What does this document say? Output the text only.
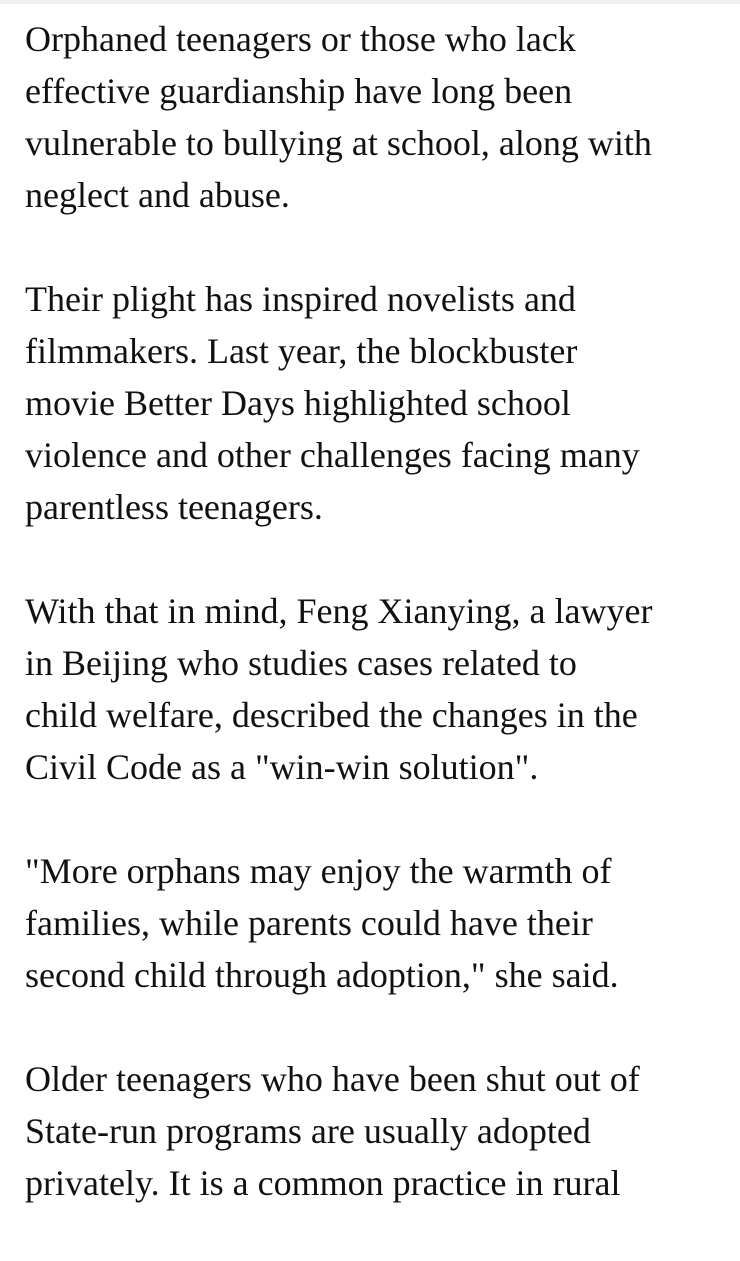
Orphaned teenagers or those who lack
effective guardianship have long been
vulnerable to bullying at school, along with
neglect and abuse.

Their plight has inspired novelists and
filmmakers. Last year, the blockbuster
movie Better Days highlighted school
violence and other challenges facing many
parentless teenagers.

With that in mind, Feng Xianying, a lawyer
in Beijing who studies cases related to
child welfare, described the changes in the
Civil Code as a "win-win solution".

"More orphans may enjoy the warmth of
families, while parents could have their
second child through adoption," she said.

Older teenagers who have been shut out of
State-run programs are usually adopted
privately. It is a common practice in rural
